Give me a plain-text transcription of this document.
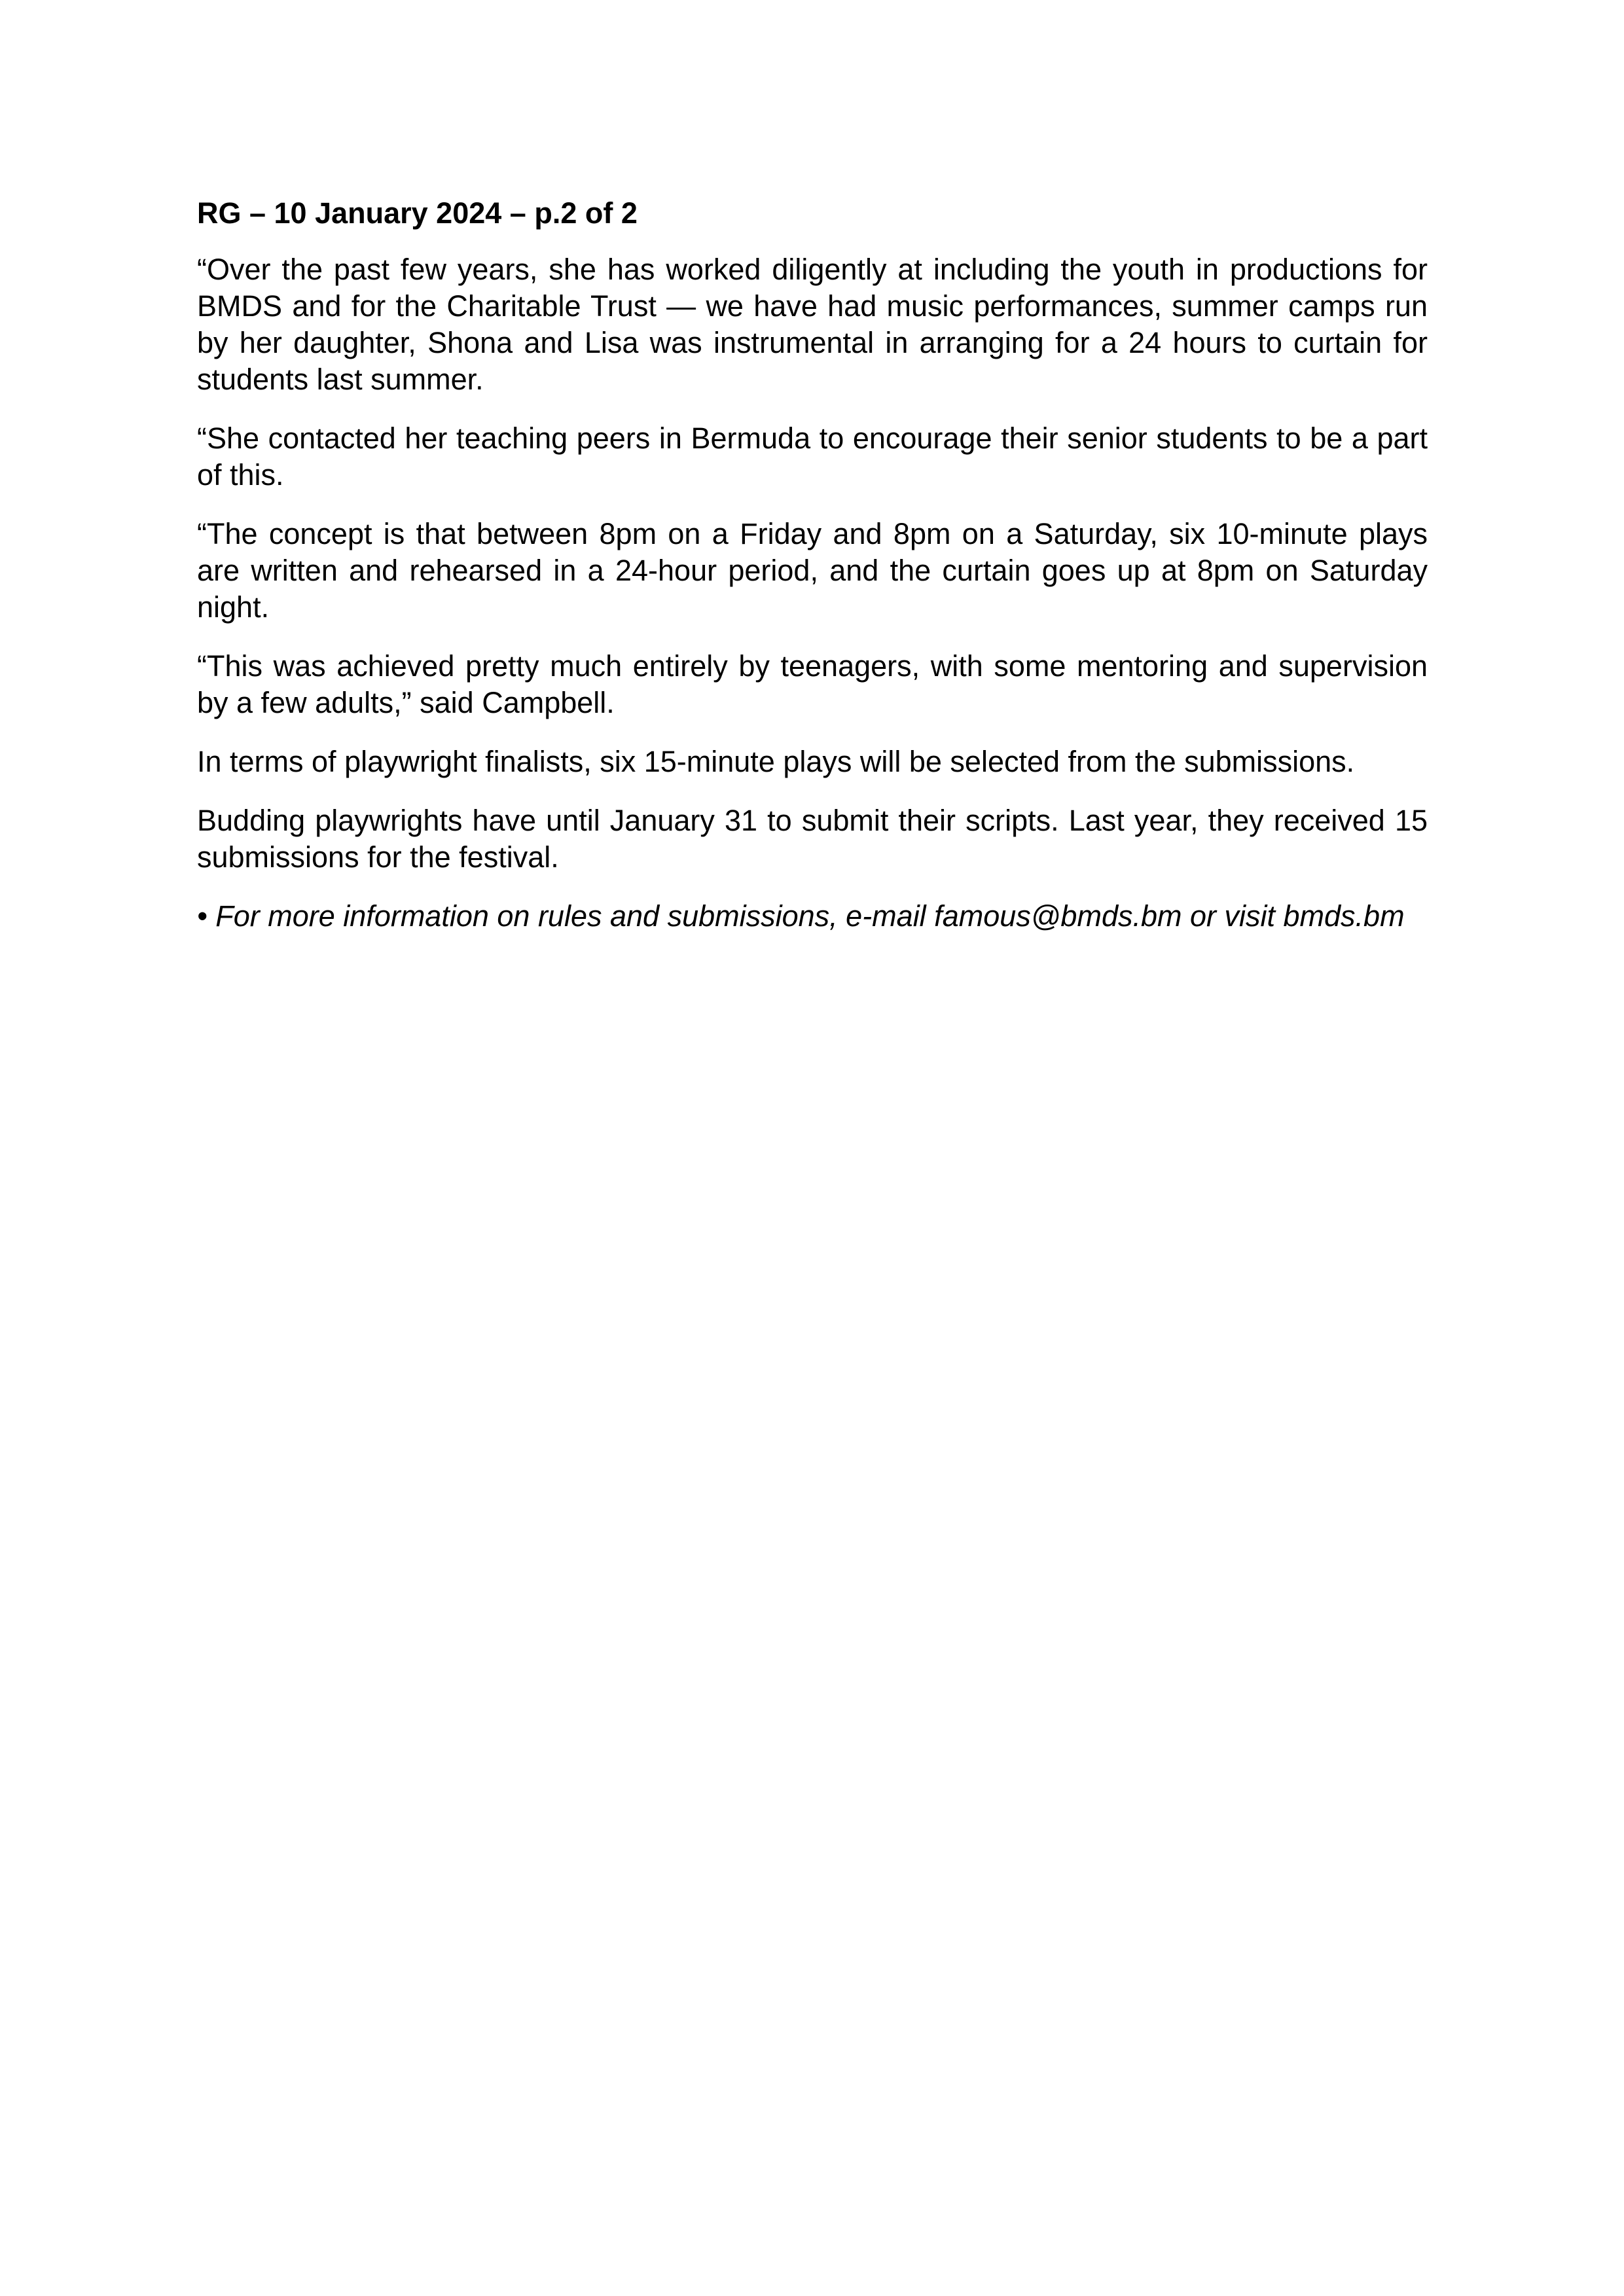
RG – 10 January 2024 – p.2 of 2

“Over the past few years, she has worked diligently at including the youth in productions for BMDS and for the Charitable Trust — we have had music performances, summer camps run by her daughter, Shona and Lisa was instrumental in arranging for a 24 hours to curtain for students last summer.

“She contacted her teaching peers in Bermuda to encourage their senior students to be a part of this.

“The concept is that between 8pm on a Friday and 8pm on a Saturday, six 10-minute plays are written and rehearsed in a 24-hour period, and the curtain goes up at 8pm on Saturday night.

“This was achieved pretty much entirely by teenagers, with some mentoring and supervision by a few adults,” said Campbell.

In terms of playwright finalists, six 15-minute plays will be selected from the submissions.

Budding playwrights have until January 31 to submit their scripts. Last year, they received 15 submissions for the festival.

• For more information on rules and submissions, e-mail famous@bmds.bm or visit bmds.bm
